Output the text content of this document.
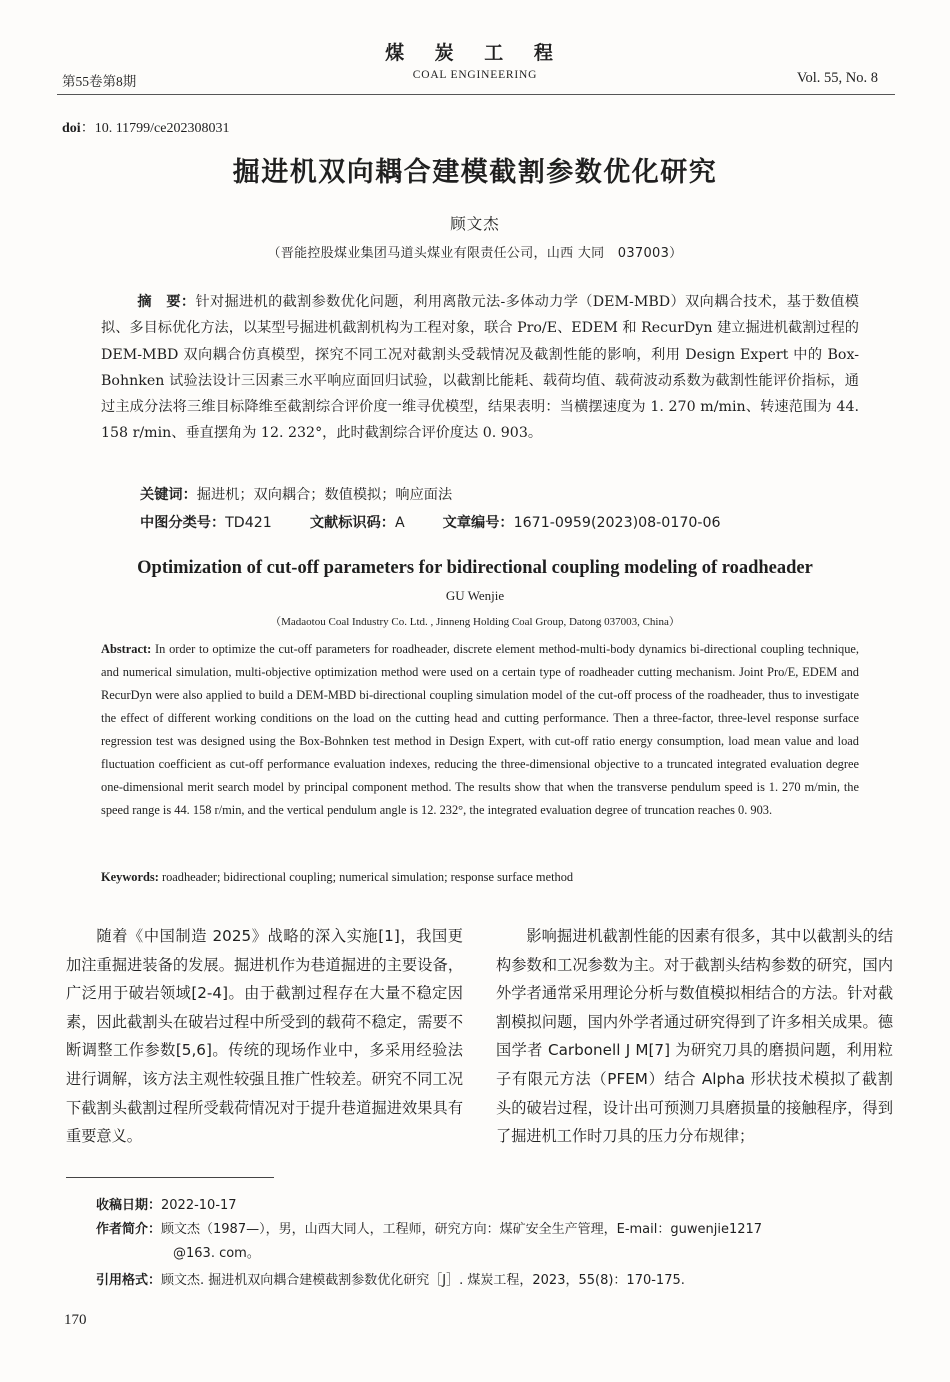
煤 炭 工 程
COAL ENGINEERING
第55卷第8期	Vol. 55, No. 8
doi：10. 11799/ce202308031
掘进机双向耦合建模截割参数优化研究
顾文杰
（晋能控股煤业集团马道头煤业有限责任公司，山西 大同　037003）
摘　要：针对掘进机的截割参数优化问题，利用离散元法-多体动力学（DEM-MBD）双向耦合技术，基于数值模拟、多目标优化方法，以某型号掘进机截割机构为工程对象，联合 Pro/E、EDEM 和 RecurDyn 建立掘进机截割过程的 DEM-MBD 双向耦合仿真模型，探究不同工况对截割头受载情况及截割性能的影响，利用 Design Expert 中的 Box-Bohnken 试验法设计三因素三水平响应面回归试验，以截割比能耗、载荷均值、载荷波动系数为截割性能评价指标，通过主成分法将三维目标降维至截割综合评价度一维寻优模型，结果表明：当横摆速度为 1. 270 m/min、转速范围为 44. 158 r/min、垂直摆角为 12. 232°，此时截割综合评价度达 0. 903。
关键词：掘进机；双向耦合；数值模拟；响应面法
中图分类号：TD421	文献标识码：A	文章编号：1671-0959(2023)08-0170-06
Optimization of cut-off parameters for bidirectional coupling modeling of roadheader
GU Wenjie
（Madaotou Coal Industry Co. Ltd. , Jinneng Holding Coal Group, Datong 037003, China）
Abstract: In order to optimize the cut-off parameters for roadheader, discrete element method-multi-body dynamics bi-directional coupling technique, and numerical simulation, multi-objective optimization method were used on a certain type of roadheader cutting mechanism. Joint Pro/E, EDEM and RecurDyn were also applied to build a DEM-MBD bi-directional coupling simulation model of the cut-off process of the roadheader, thus to investigate the effect of different working conditions on the load on the cutting head and cutting performance. Then a three-factor, three-level response surface regression test was designed using the Box-Bohnken test method in Design Expert, with cut-off ratio energy consumption, load mean value and load fluctuation coefficient as cut-off performance evaluation indexes, reducing the three-dimensional objective to a truncated integrated evaluation degree one-dimensional merit search model by principal component method. The results show that when the transverse pendulum speed is 1. 270 m/min, the speed range is 44. 158 r/min, and the vertical pendulum angle is 12. 232°, the integrated evaluation degree of truncation reaches 0. 903.
Keywords: roadheader; bidirectional coupling; numerical simulation; response surface method

随着《中国制造 2025》战略的深入实施[1]，我国更加注重掘进装备的发展。掘进机作为巷道掘进的主要设备，广泛用于破岩领域[2-4]。由于截割过程存在大量不稳定因素，因此截割头在破岩过程中所受到的载荷不稳定，需要不断调整工作参数[5,6]。传统的现场作业中，多采用经验法进行调解，该方法主观性较强且推广性较差。研究不同工况下截割头截割过程所受载荷情况对于提升巷道掘进效果具有重要意义。

影响掘进机截割性能的因素有很多，其中以截割头的结构参数和工况参数为主。对于截割头结构参数的研究，国内外学者通常采用理论分析与数值模拟相结合的方法。针对截割模拟问题，国内外学者通过研究得到了许多相关成果。德国学者 Carbonell J M[7] 为研究刀具的磨损问题，利用粒子有限元方法（PFEM）结合 Alpha 形状技术模拟了截割头的破岩过程，设计出可预测刀具磨损量的接触程序，得到了掘进机工作时刀具的压力分布规律；

收稿日期：2022-10-17
作者简介：顾文杰（1987—），男，山西大同人，工程师，研究方向：煤矿安全生产管理，E-mail：guwenjie1217
@163. com。
引用格式：顾文杰. 掘进机双向耦合建模截割参数优化研究［J］. 煤炭工程，2023，55(8)：170-175.
170
